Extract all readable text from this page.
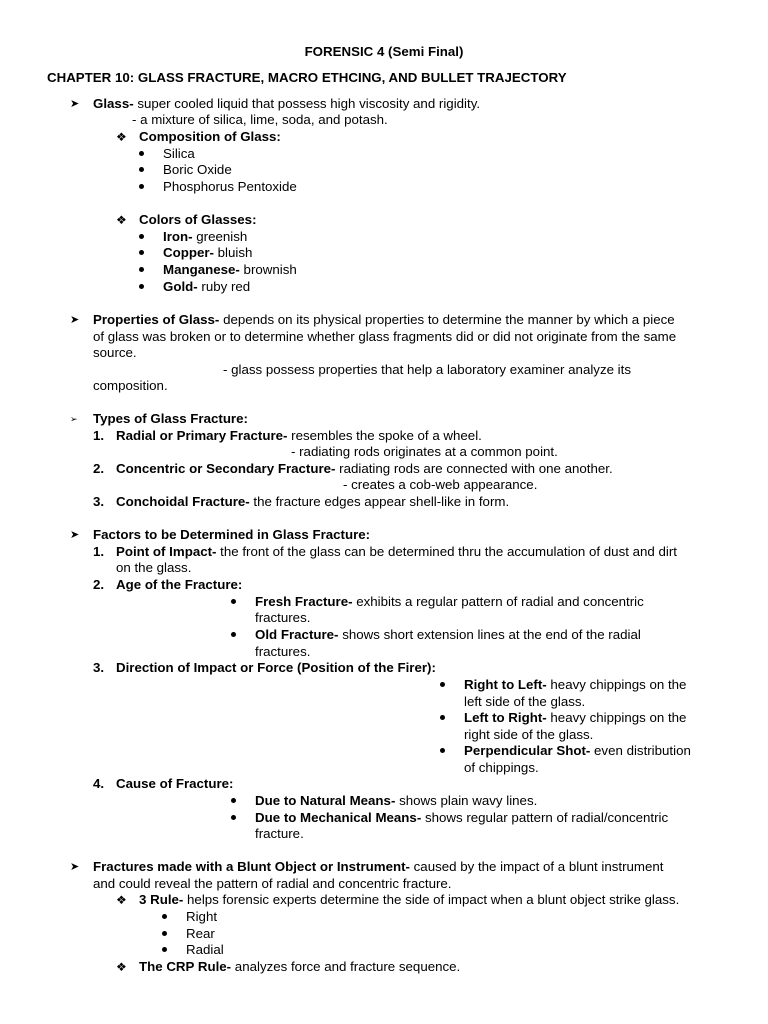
FORENSIC 4 (Semi Final)
CHAPTER 10: GLASS FRACTURE, MACRO ETHCING, AND BULLET TRAJECTORY
➤ Glass- super cooled liquid that possess high viscosity and rigidity.
- a mixture of silica, lime, soda, and potash.
❖ Composition of Glass:
Silica
Boric Oxide
Phosphorus Pentoxide
❖ Colors of Glasses:
Iron- greenish
Copper- bluish
Manganese- brownish
Gold- ruby red
➤ Properties of Glass- depends on its physical properties to determine the manner by which a piece
of glass was broken or to determine whether glass fragments did or did not originate from the same
source.
- glass possess properties that help a laboratory examiner analyze its
composition.
➢ Types of Glass Fracture:
1. Radial or Primary Fracture- resembles the spoke of a wheel.
- radiating rods originates at a common point.
2. Concentric or Secondary Fracture- radiating rods are connected with one another.
- creates a cob-web appearance.
3. Conchoidal Fracture- the fracture edges appear shell-like in form.
➤ Factors to be Determined in Glass Fracture:
1. Point of Impact- the front of the glass can be determined thru the accumulation of dust and dirt
on the glass.
2. Age of the Fracture:
Fresh Fracture- exhibits a regular pattern of radial and concentric
fractures.
Old Fracture- shows short extension lines at the end of the radial
fractures.
3. Direction of Impact or Force (Position of the Firer):
Right to Left- heavy chippings on the
left side of the glass.
Left to Right- heavy chippings on the
right side of the glass.
Perpendicular Shot- even distribution
of chippings.
4. Cause of Fracture:
Due to Natural Means- shows plain wavy lines.
Due to Mechanical Means- shows regular pattern of radial/concentric
fracture.
➤ Fractures made with a Blunt Object or Instrument- caused by the impact of a blunt instrument
and could reveal the pattern of radial and concentric fracture.
❖ 3 Rule- helps forensic experts determine the side of impact when a blunt object strike glass.
Right
Rear
Radial
❖ The CRP Rule- analyzes force and fracture sequence.
